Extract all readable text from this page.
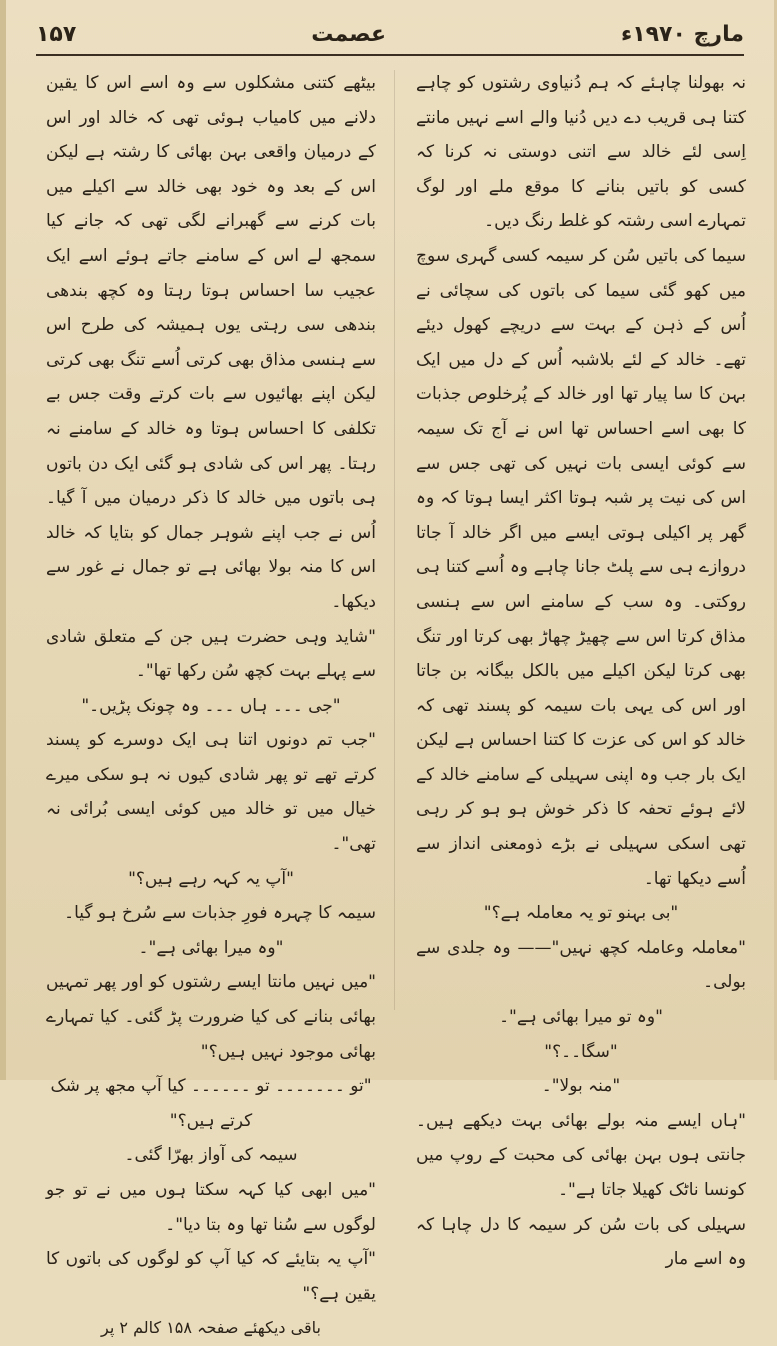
۱۵۷	عصمت	مارچ ۱۹۷۰ء

نہ بھولنا چاہئے کہ ہم دُنیاوی رشتوں کو چاہے کتنا ہی قریب دے دیں دُنیا والے اسے نہیں مانتے اِسی لئے خالد سے اتنی دوستی نہ کرنا کہ کسی کو باتیں بنانے کا موقع ملے اور لوگ تمہارے اسی رشتہ کو غلط رنگ دیں۔

سیما کی باتیں سُن کر سیمہ کسی گہری سوچ میں کھو گئی سیما کی باتوں کی سچائی نے اُس کے ذہن کے بہت سے دریچے کھول دیئے تھے۔ خالد کے لئے بلاشبہ اُس کے دل میں ایک بہن کا سا پیار تھا اور خالد کے پُرخلوص جذبات کا بھی اسے احساس تھا اس نے آج تک سیمہ سے کوئی ایسی بات نہیں کی تھی جس سے اس کی نیت پر شبہ ہوتا اکثر ایسا ہوتا کہ وہ گھر پر اکیلی ہوتی ایسے میں اگر خالد آ جاتا دروازے ہی سے پلٹ جانا چاہے وہ اُسے کتنا ہی روکتی۔ وہ سب کے سامنے اس سے ہنسی مذاق کرتا اس سے چھیڑ چھاڑ بھی کرتا اور تنگ بھی کرتا لیکن اکیلے میں بالکل بیگانہ بن جاتا اور اس کی یہی بات سیمہ کو پسند تھی کہ خالد کو اس کی عزت کا کتنا احساس ہے لیکن ایک بار جب وہ اپنی سہیلی کے سامنے خالد کے لائے ہوئے تحفہ کا ذکر خوش ہو ہو کر رہی تھی اسکی سہیلی نے بڑے ذومعنی انداز سے اُسے دیکھا تھا۔

"بی بہنو تو یہ معاملہ ہے؟"

"معاملہ وعاملہ کچھ نہیں"—— وہ جلدی سے بولی۔

"وہ تو میرا بھائی ہے"۔

"سگا۔۔؟"

"منہ بولا"۔

"ہاں ایسے منہ بولے بھائی بہت دیکھے ہیں۔ جانتی ہوں بہن بھائی کی محبت کے روپ میں کونسا ناٹک کھیلا جاتا ہے"۔

سہیلی کی بات سُن کر سیمہ کا دل چاہا کہ وہ اسے مار

بیٹھے کتنی مشکلوں سے وہ اسے اس کا یقین دلانے میں کامیاب ہوئی تھی کہ خالد اور اس کے درمیان واقعی بہن بھائی کا رشتہ ہے لیکن اس کے بعد وہ خود بھی خالد سے اکیلے میں بات کرنے سے گھبرانے لگی تھی کہ جانے کیا سمجھ لے اس کے سامنے جاتے ہوئے اسے ایک عجیب سا احساس ہوتا رہتا وہ کچھ بندھی بندھی سی رہتی یوں ہمیشہ کی طرح اس سے ہنسی مذاق بھی کرتی اُسے تنگ بھی کرتی لیکن اپنے بھائیوں سے بات کرتے وقت جس بے تکلفی کا احساس ہوتا وہ خالد کے سامنے نہ رہتا۔ پھر اس کی شادی ہو گئی ایک دن باتوں ہی باتوں میں خالد کا ذکر درمیان میں آ گیا۔ اُس نے جب اپنے شوہر جمال کو بتایا کہ خالد اس کا منہ بولا بھائی ہے تو جمال نے غور سے دیکھا۔

"شاید وہی حضرت ہیں جن کے متعلق شادی سے پہلے بہت کچھ سُن رکھا تھا"۔

"جی ۔۔۔ ہاں ۔۔۔ وہ چونک پڑیں۔"

"جب تم دونوں اتنا ہی ایک دوسرے کو پسند کرتے تھے تو پھر شادی کیوں نہ ہو سکی میرے خیال میں تو خالد میں کوئی ایسی بُرائی نہ تھی"۔

"آپ یہ کہہ رہے ہیں؟"

سیمہ کا چہرہ فورِ جذبات سے سُرخ ہو گیا۔

"وہ میرا بھائی ہے"۔

"میں نہیں مانتا ایسے رشتوں کو اور پھر تمہیں بھائی بنانے کی کیا ضرورت پڑ گئی۔ کیا تمہارے بھائی موجود نہیں ہیں؟"

"تو ۔۔۔۔۔۔۔ تو ۔۔۔۔۔۔ کیا آپ مجھ پر شک کرتے ہیں؟"

سیمہ کی آواز بھرّا گئی۔

"میں ابھی کیا کہہ سکتا ہوں میں نے تو جو لوگوں سے سُنا تھا وہ بتا دیا"۔

"آپ یہ بتایئے کہ کیا آپ کو لوگوں کی باتوں کا یقین ہے؟"

باقی دیکھئے صفحہ ۱۵۸ کالم ۲ پر
